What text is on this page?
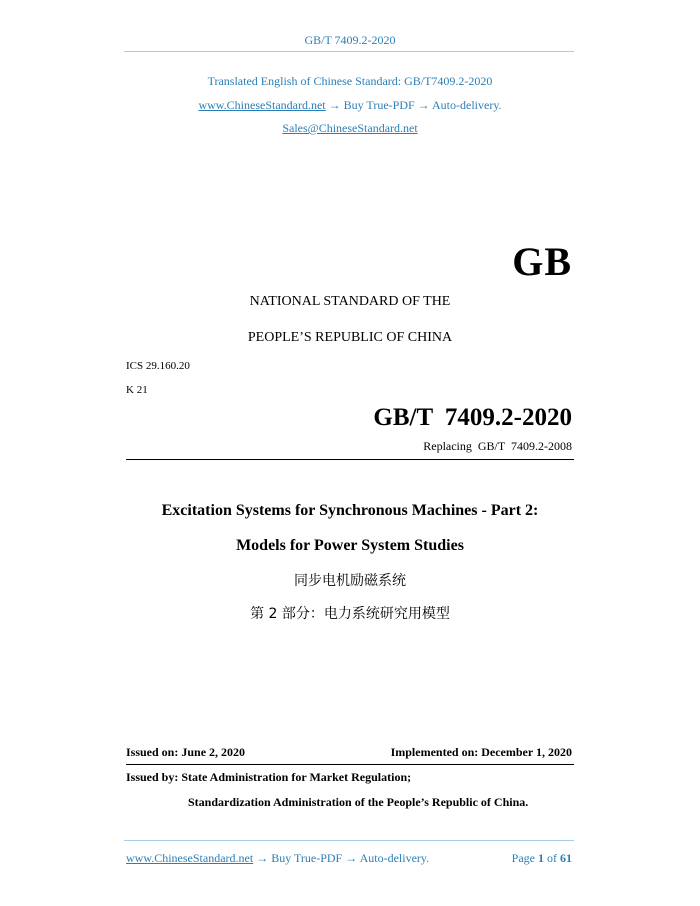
GB/T 7409.2-2020
Translated English of Chinese Standard: GB/T7409.2-2020
www.ChineseStandard.net → Buy True-PDF → Auto-delivery.
Sales@ChineseStandard.net
GB
NATIONAL STANDARD OF THE
PEOPLE’S REPUBLIC OF CHINA
ICS 29.160.20
K 21
GB/T 7409.2-2020
Replacing GB/T 7409.2-2008
Excitation Systems for Synchronous Machines - Part 2:
Models for Power System Studies
同步电机励磁系统
第 2 部分：电力系统研究用模型
Issued on: June 2, 2020	Implemented on: December 1, 2020
Issued by: State Administration for Market Regulation;
Standardization Administration of the People’s Republic of China.
www.ChineseStandard.net → Buy True-PDF → Auto-delivery.	Page 1 of 61
